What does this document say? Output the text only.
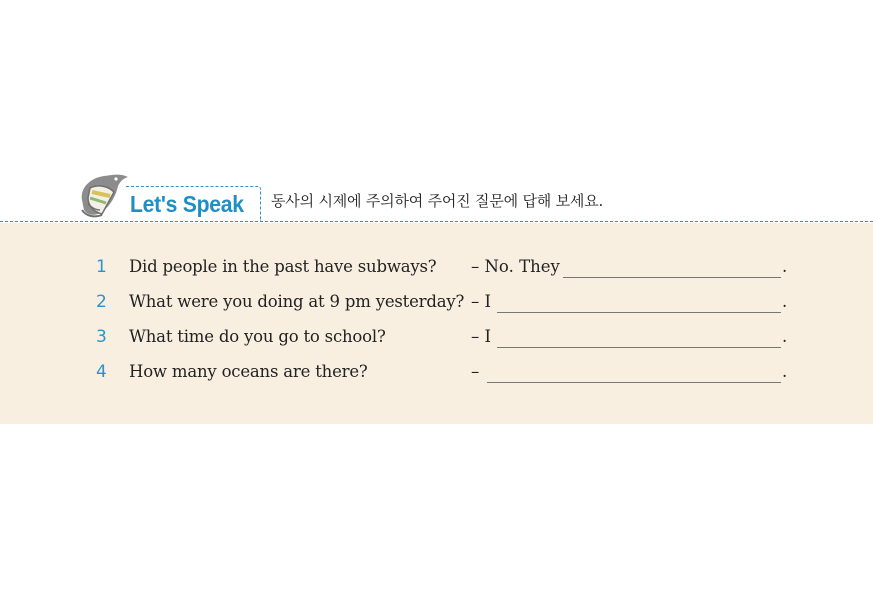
Let's Speak 동사의 시제에 주의하여 주어진 질문에 답해 보세요.
1 Did people in the past have subways? – No. They	.
2 What were you doing at 9 pm yesterday? – I	.
3 What time do you go to school?	– I	.
4 How many oceans are there?	–	.
